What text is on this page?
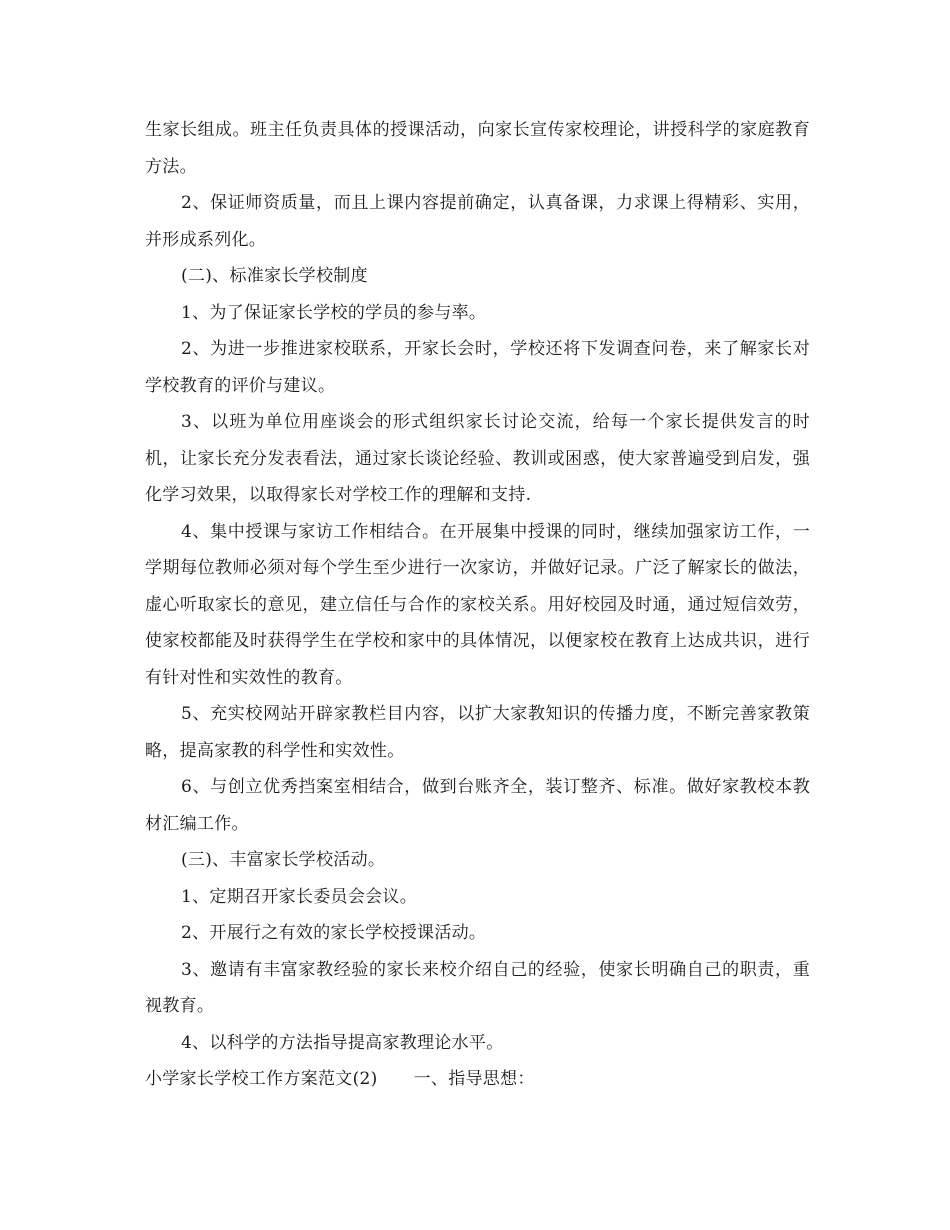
生家长组成。班主任负责具体的授课活动，向家长宣传家校理论，讲授科学的家庭教育方法。

2、保证师资质量，而且上课内容提前确定，认真备课，力求课上得精彩、实用，并形成系列化。

(二)、标准家长学校制度

1、为了保证家长学校的学员的参与率。

2、为进一步推进家校联系，开家长会时，学校还将下发调查问卷，来了解家长对学校教育的评价与建议。

3、以班为单位用座谈会的形式组织家长讨论交流，给每一个家长提供发言的时机，让家长充分发表看法，通过家长谈论经验、教训或困惑，使大家普遍受到启发，强化学习效果，以取得家长对学校工作的理解和支持.

4、集中授课与家访工作相结合。在开展集中授课的同时，继续加强家访工作，一学期每位教师必须对每个学生至少进行一次家访，并做好记录。广泛了解家长的做法，虚心听取家长的意见，建立信任与合作的家校关系。用好校园及时通，通过短信效劳，使家校都能及时获得学生在学校和家中的具体情况，以便家校在教育上达成共识，进行有针对性和实效性的教育。

5、充实校网站开辟家教栏目内容，以扩大家教知识的传播力度，不断完善家教策略，提高家教的科学性和实效性。

6、与创立优秀挡案室相结合，做到台账齐全，装订整齐、标准。做好家教校本教材汇编工作。

(三)、丰富家长学校活动。

1、定期召开家长委员会会议。

2、开展行之有效的家长学校授课活动。

3、邀请有丰富家教经验的家长来校介绍自己的经验，使家长明确自己的职责，重视教育。

4、以科学的方法指导提高家教理论水平。

小学家长学校工作方案范文(2) 一、指导思想：
